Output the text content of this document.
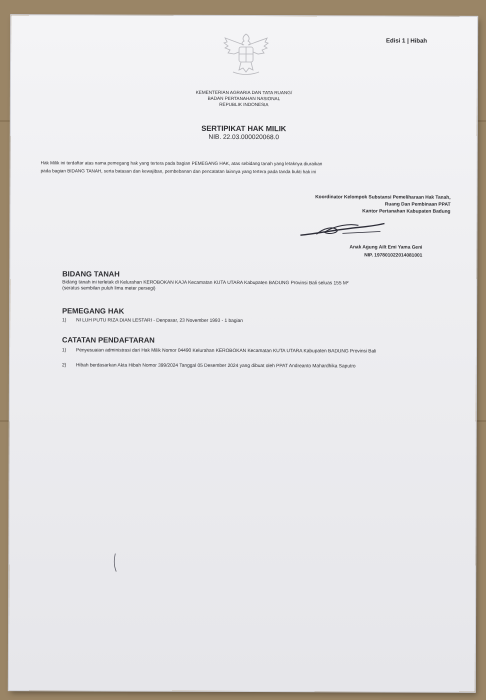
Edisi 1 | Hibah
KEMENTERIAN AGRARIA DAN TATA RUANG/
BADAN PERTANAHAN NASIONAL
REPUBLIK INDONESIA
SERTIPIKAT HAK MILIK
NIB. 22.03.000020068.0
Hak Milik ini terdaftar atas nama pemegang hak yang tertera pada bagian PEMEGANG HAK, atas sebidang tanah yang letaknya diuraikan
pada bagian BIDANG TANAH, serta batasan dan kewajiban, pembebanan dan pencatatan lainnya yang tertera pada tanda bukti hak ini
Koordinator Kelompok Substansi Pemeliharaan Hak Tanah,
Ruang Dan Pembinaan PPAT
Kantor Pertanahan Kabupaten Badung
Anak Agung Ailt Emi Yama Geni
NIP. 197801022014081001
BIDANG TANAH
Bidang tanah ini terletak di Kelurahan KEROBOKAN KAJA Kecamatan KUTA UTARA Kabupaten BADUNG Provinsi Bali seluas 155 M²
(seratus sembilan puluh lima meter persegi)
PEMEGANG HAK
1)	NI LUH PUTU RIZA DIAN LESTARI - Denpasar, 23 November 1993 - 1 bagian
CATATAN PENDAFTARAN
1)	Penyesuaian administrasi dari Hak Milik Nomor 04490 Kelurahan KEROBOKAN Kecamatan KUTA UTARA Kabupaten BADUNG Provinsi Bali
2)	Hibah berdasarkan Akta Hibah Nomor 399/2024 Tanggal 05 Desember 2024 yang dibuat oleh PPAT Andreanto Mahardhika Saputro
